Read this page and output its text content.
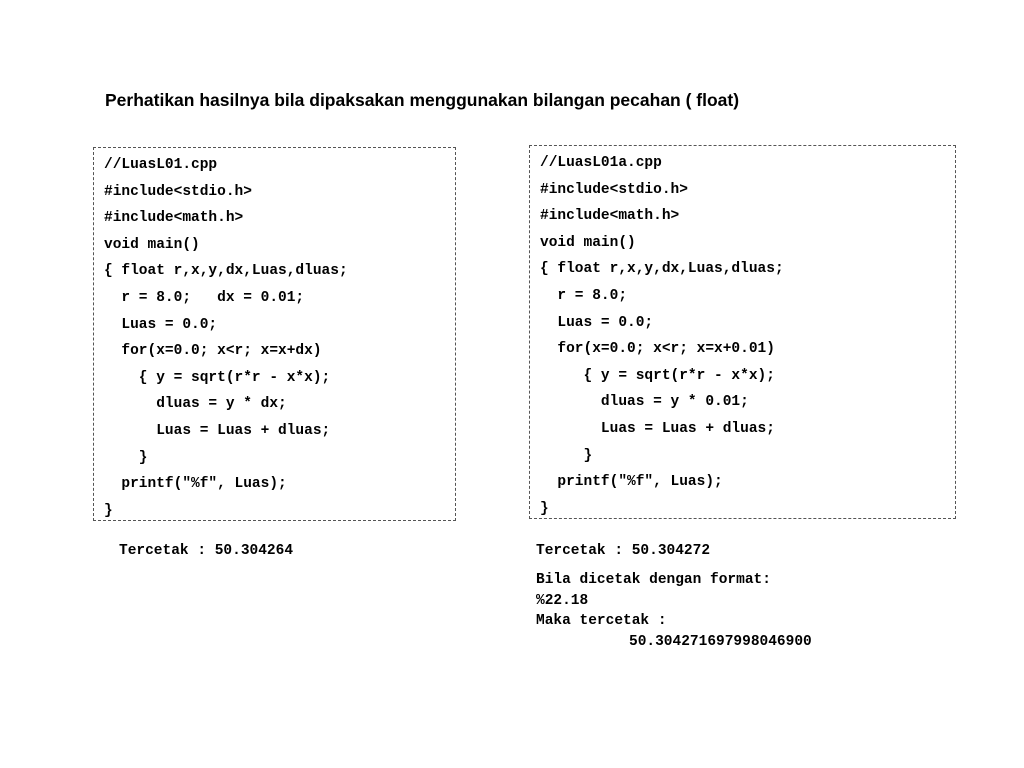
Perhatikan hasilnya bila dipaksakan menggunakan bilangan pecahan ( float)
//LuasL01.cpp
#include<stdio.h>
#include<math.h>
void main()
{ float r,x,y,dx,Luas,dluas;
r = 8.0;   dx = 0.01;
Luas = 0.0;
for(x=0.0; x<r; x=x+dx)
{ y = sqrt(r*r - x*x);
dluas = y * dx;
Luas = Luas + dluas;
}
printf("%f", Luas);
}
//LuasL01a.cpp
#include<stdio.h>
#include<math.h>
void main()
{ float r,x,y,dx,Luas,dluas;
r = 8.0;
Luas = 0.0;
for(x=0.0; x<r; x=x+0.01)
{ y = sqrt(r*r - x*x);
dluas = y * 0.01;
Luas = Luas + dluas;
}
printf("%f", Luas);
}
Tercetak : 50.304264	Tercetak : 50.304272
Bila dicetak dengan format:
%22.18
Maka tercetak :
50.304271697998046900
